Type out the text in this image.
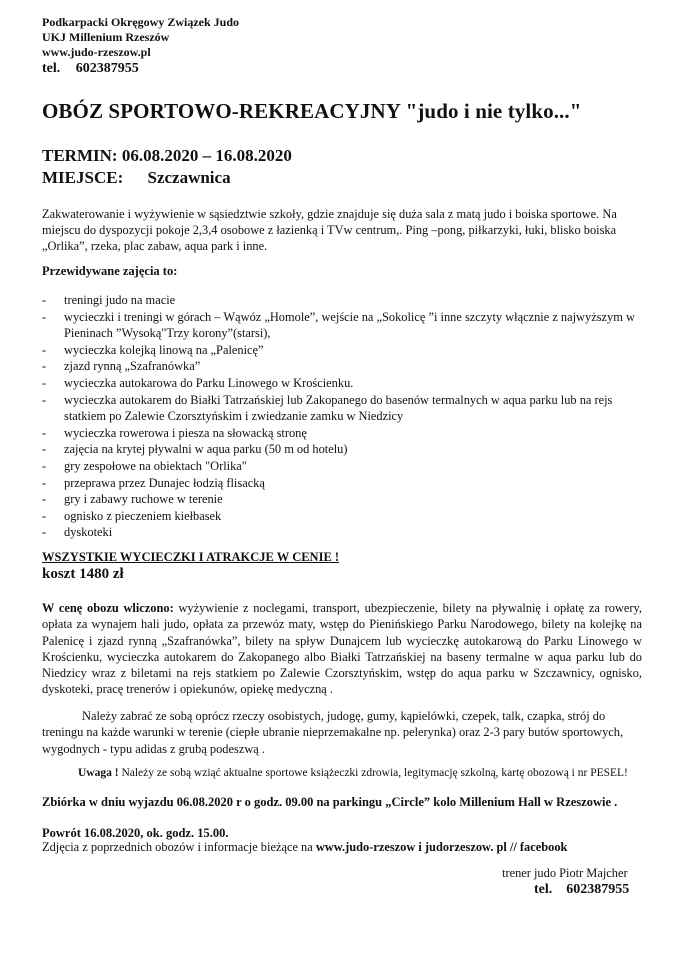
Podkarpacki Okręgowy Związek Judo
UKJ Millenium Rzeszów
www.judo-rzeszow.pl
tel. 602387955
OBÓZ SPORTOWO-REKREACYJNY "judo i nie tylko..."
TERMIN: 06.08.2020 – 16.08.2020
MIEJSCE: Szczawnica
Zakwaterowanie i wyżywienie w sąsiedztwie szkoły, gdzie znajduje się duża sala z matą judo i boiska sportowe. Na miejscu do dyspozycji pokoje 2,3,4 osobowe z łazienką i TVw centrum,. Ping –pong, piłkarzyki, łuki, blisko boiska „Orlika”, rzeka, plac zabaw, aqua park i inne.
Przewidywane zajęcia to:
- treningi judo na macie
- wycieczki i treningi w górach – Wąwóz „Homole”, wejście na „Sokolicę ”i inne szczyty włącznie z najwyższym w Pieninach ”Wysoką"Trzy korony”(starsi),
- wycieczka kolejką linową na „Palenicę”
- zjazd rynną „Szafranówka”
- wycieczka autokarowa do Parku Linowego w Krościenku.
- wycieczka autokarem do Białki Tatrzańskiej lub Zakopanego do basenów termalnych w aqua parku lub na rejs statkiem po Zalewie Czorsztyńskim i zwiedzanie zamku w Niedzicy
- wycieczka rowerowa i piesza na słowacką stronę
- zajęcia na krytej pływalni w aqua parku (50 m od hotelu)
- gry zespołowe na obiektach "Orlika"
- przeprawa przez Dunajec łodzią flisacką
- gry i zabawy ruchowe w terenie
- ognisko z pieczeniem kiełbasek
- dyskoteki
WSZYSTKIE WYCIECZKI I ATRAKCJE W CENIE !
koszt 1480 zł
W cenę obozu wliczono: wyżywienie z noclegami, transport, ubezpieczenie, bilety na pływalnię i opłatę za rowery, opłata za wynajem hali judo, opłata za przewóz maty, wstęp do Pienińskiego Parku Narodowego, bilety na kolejkę na Palenicę i zjazd rynną „Szafranówka”, bilety na spływ Dunajcem lub wycieczkę autokarową do Parku Linowego w Krościenku, wycieczka autokarem do Zakopanego albo Białki Tatrzańskiej na baseny termalne w aqua parku lub do Niedzicy wraz z biletami na rejs statkiem po Zalewie Czorsztyńskim, wstęp do aqua parku w Szczawnicy, ognisko, dyskoteki, pracę trenerów i opiekunów, opiekę medyczną .
Należy zabrać ze sobą oprócz rzeczy osobistych, judogę, gumy, kąpielówki, czepek, talk, czapka, strój do treningu na każde warunki w terenie (ciepłe ubranie nieprzemakalne np. pelerynka) oraz 2-3 pary butów sportowych, wygodnych - typu adidas z grubą podeszwą .
Uwaga ! Należy ze sobą wziąć aktualne sportowe książeczki zdrowia, legitymację szkolną, kartę obozową i nr PESEL!
Zbiórka w dniu wyjazdu 06.08.2020 r o godz. 09.00 na parkingu „Circle” kolo Millenium Hall w Rzeszowie .
Powrót 16.08.2020, ok. godz. 15.00.
Zdjęcia z poprzednich obozów i informacje bieżące na www.judo-rzeszow i judorzeszow. pl // facebook
trener judo Piotr Majcher
tel. 602387955
